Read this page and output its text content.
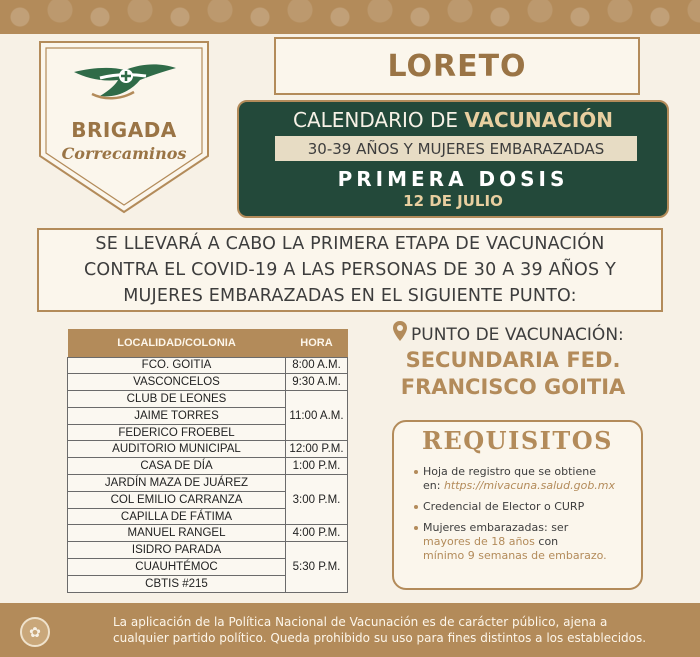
BRIGADA
Correcaminos
LORETO
CALENDARIO DE VACUNACIÓN
30-39 AÑOS Y MUJERES EMBARAZADAS
PRIMERA DOSIS
12 DE JULIO
SE LLEVARÁ A CABO LA PRIMERA ETAPA DE VACUNACIÓN
CONTRA EL COVID-19 A LAS PERSONAS DE 30 A 39 AÑOS Y
MUJERES EMBARAZADAS EN EL SIGUIENTE PUNTO:
LOCALIDAD/COLONIA	HORA
FCO. GOITIA	8:00 A.M.
VASCONCELOS	9:30 A.M.
CLUB DE LEONES	11:00 A.M.
JAIME TORRES	
FEDERICO FROEBEL	
AUDITORIO MUNICIPAL	12:00 P.M.
CASA DE DÍA	1:00 P.M.
JARDÍN MAZA DE JUÁREZ	3:00 P.M.
COL EMILIO CARRANZA	
CAPILLA DE FÁTIMA	
MANUEL RANGEL	4:00 P.M.
ISIDRO PARADA	5:30 P.M.
CUAUHTÉMOC	
CBTIS #215	
PUNTO DE VACUNACIÓN:
SECUNDARIA FED.
FRANCISCO GOITIA
REQUISITOS
Hoja de registro que se obtiene
en: https://mivacuna.salud.gob.mx
Credencial de Elector o CURP
Mujeres embarazadas: ser
mayores de 18 años con
mínimo 9 semanas de embarazo.
✿
La aplicación de la Política Nacional de Vacunación es de carácter público, ajena a
cualquier partido político. Queda prohibido su uso para fines distintos a los establecidos.
